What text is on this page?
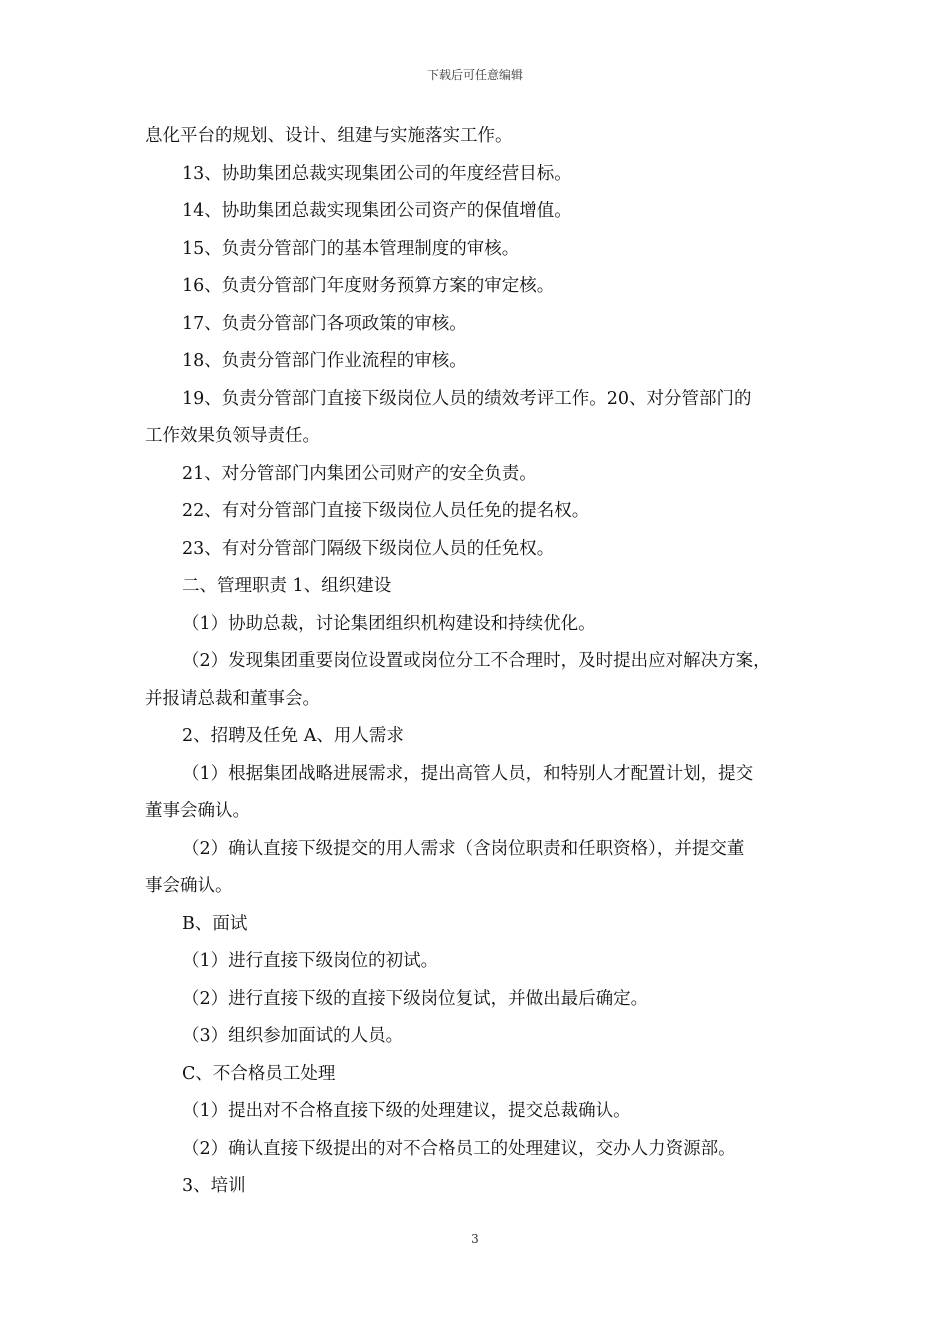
下载后可任意编辑
息化平台的规划、设计、组建与实施落实工作。
13、协助集团总裁实现集团公司的年度经营目标。
14、协助集团总裁实现集团公司资产的保值增值。
15、负责分管部门的基本管理制度的审核。
16、负责分管部门年度财务预算方案的审定核。
17、负责分管部门各项政策的审核。
18、负责分管部门作业流程的审核。
19、负责分管部门直接下级岗位人员的绩效考评工作。20、对分管部门的
工作效果负领导责任。
21、对分管部门内集团公司财产的安全负责。
22、有对分管部门直接下级岗位人员任免的提名权。
23、有对分管部门隔级下级岗位人员的任免权。
二、管理职责 1、组织建设
（1）协助总裁，讨论集团组织机构建设和持续优化。
（2）发现集团重要岗位设置或岗位分工不合理时，及时提出应对解决方案，
并报请总裁和董事会。
2、招聘及任免 A、用人需求
（1）根据集团战略进展需求，提出高管人员，和特别人才配置计划，提交
董事会确认。
（2）确认直接下级提交的用人需求（含岗位职责和任职资格），并提交董
事会确认。
B、面试
（1）进行直接下级岗位的初试。
（2）进行直接下级的直接下级岗位复试，并做出最后确定。
（3）组织参加面试的人员。
C、不合格员工处理
（1）提出对不合格直接下级的处理建议，提交总裁确认。
（2）确认直接下级提出的对不合格员工的处理建议，交办人力资源部。
3、培训
3
